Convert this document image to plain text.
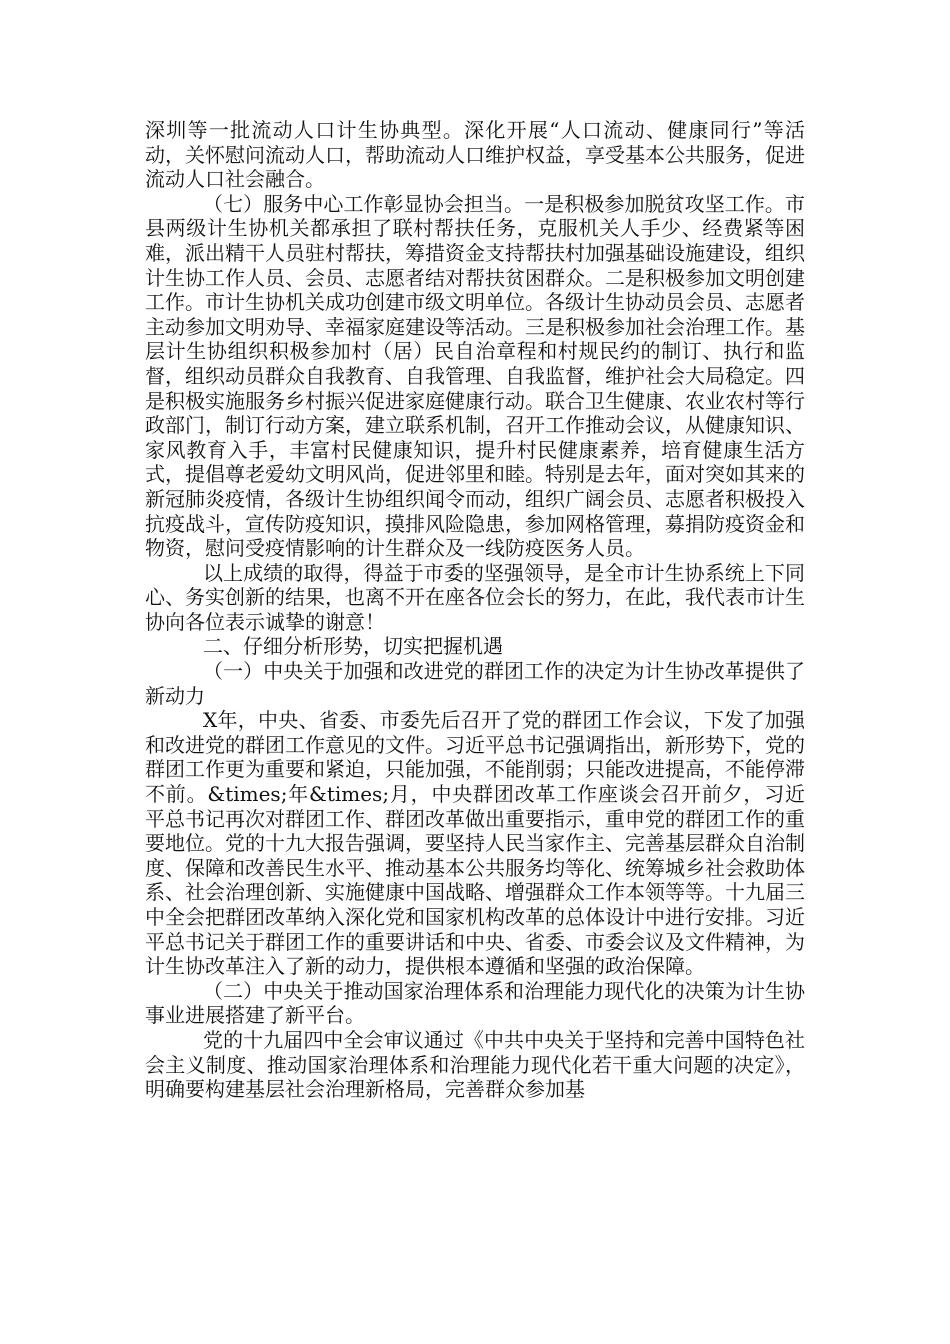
深圳等一批流动人口计生协典型。深化开展“人口流动、健康同行”等活动，关怀慰问流动人口，帮助流动人口维护权益，享受基本公共服务，促进流动人口社会融合。

（七）服务中心工作彰显协会担当。一是积极参加脱贫攻坚工作。市县两级计生协机关都承担了联村帮扶任务，克服机关人手少、经费紧等困难，派出精干人员驻村帮扶，筹措资金支持帮扶村加强基础设施建设，组织计生协工作人员、会员、志愿者结对帮扶贫困群众。二是积极参加文明创建工作。市计生协机关成功创建市级文明单位。各级计生协动员会员、志愿者主动参加文明劝导、幸福家庭建设等活动。三是积极参加社会治理工作。基层计生协组织积极参加村（居）民自治章程和村规民约的制订、执行和监督，组织动员群众自我教育、自我管理、自我监督，维护社会大局稳定。四是积极实施服务乡村振兴促进家庭健康行动。联合卫生健康、农业农村等行政部门，制订行动方案，建立联系机制，召开工作推动会议，从健康知识、家风教育入手，丰富村民健康知识，提升村民健康素养，培育健康生活方式，提倡尊老爱幼文明风尚，促进邻里和睦。特别是去年，面对突如其来的新冠肺炎疫情，各级计生协组织闻令而动，组织广阔会员、志愿者积极投入抗疫战斗，宣传防疫知识，摸排风险隐患，参加网格管理，募捐防疫资金和物资，慰问受疫情影响的计生群众及一线防疫医务人员。

以上成绩的取得，得益于市委的坚强领导，是全市计生协系统上下同心、务实创新的结果，也离不开在座各位会长的努力，在此，我代表市计生协向各位表示诚挚的谢意！

二、仔细分析形势，切实把握机遇

（一）中央关于加强和改进党的群团工作的决定为计生协改革提供了新动力

X年，中央、省委、市委先后召开了党的群团工作会议，下发了加强和改进党的群团工作意见的文件。习近平总书记强调指出，新形势下，党的群团工作更为重要和紧迫，只能加强，不能削弱；只能改进提高，不能停滞不前。&times;年&times;月，中央群团改革工作座谈会召开前夕，习近平总书记再次对群团工作、群团改革做出重要指示，重申党的群团工作的重要地位。党的十九大报告强调，要坚持人民当家作主、完善基层群众自治制度、保障和改善民生水平、推动基本公共服务均等化、统筹城乡社会救助体系、社会治理创新、实施健康中国战略、增强群众工作本领等等。十九届三中全会把群团改革纳入深化党和国家机构改革的总体设计中进行安排。习近平总书记关于群团工作的重要讲话和中央、省委、市委会议及文件精神，为计生协改革注入了新的动力，提供根本遵循和坚强的政治保障。

（二）中央关于推动国家治理体系和治理能力现代化的决策为计生协事业进展搭建了新平台。

党的十九届四中全会审议通过《中共中央关于坚持和完善中国特色社会主义制度、推动国家治理体系和治理能力现代化若干重大问题的决定》，明确要构建基层社会治理新格局，完善群众参加基
